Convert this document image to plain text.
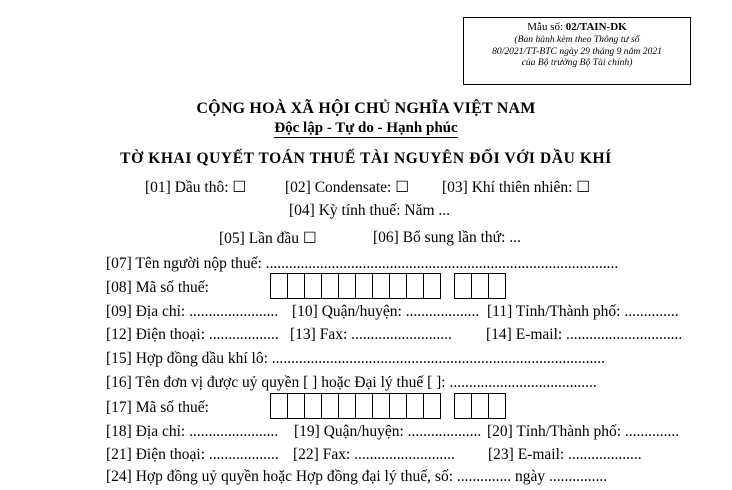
Mẫu số: 02/TAIN-DK
(Ban hành kèm theo Thông tư số
80/2021/TT-BTC ngày 29 tháng 9 năm 2021
của Bộ trưởng Bộ Tài chính)
CỘNG HOÀ XÃ HỘI CHỦ NGHĨA VIỆT NAM
Độc lập - Tự do - Hạnh phúc
TỜ KHAI QUYẾT TOÁN THUẾ TÀI NGUYÊN ĐỐI VỚI DẦU KHÍ
[01] Dầu thô: ☐ [02] Condensate: ☐ [03] Khí thiên nhiên: ☐
[04] Kỳ tính thuế: Năm ...
[05] Lần đầu ☐	[06] Bổ sung lần thứ: ...
[07] Tên người nộp thuế: ...........................................................................................
[08] Mã số thuế:
[09] Địa chỉ: ....................... [10] Quận/huyện: ................... [11] Tỉnh/Thành phố: ..............
[12] Điện thoại: .................. [13] Fax: .......................... [14] E-mail: ..............................
[15] Hợp đồng dầu khí lô: ......................................................................................
[16] Tên đơn vị được uỷ quyền [ ] hoặc Đại lý thuế [ ]: ......................................
[17] Mã số thuế:
[18] Địa chỉ: ....................... [19] Quận/huyện: ................... [20] Tỉnh/Thành phố: ..............
[21] Điện thoại: .................. [22] Fax: .......................... [23] E-mail: ...................
[24] Hợp đồng uỷ quyền hoặc Hợp đồng đại lý thuế, số: .............. ngày ...............
